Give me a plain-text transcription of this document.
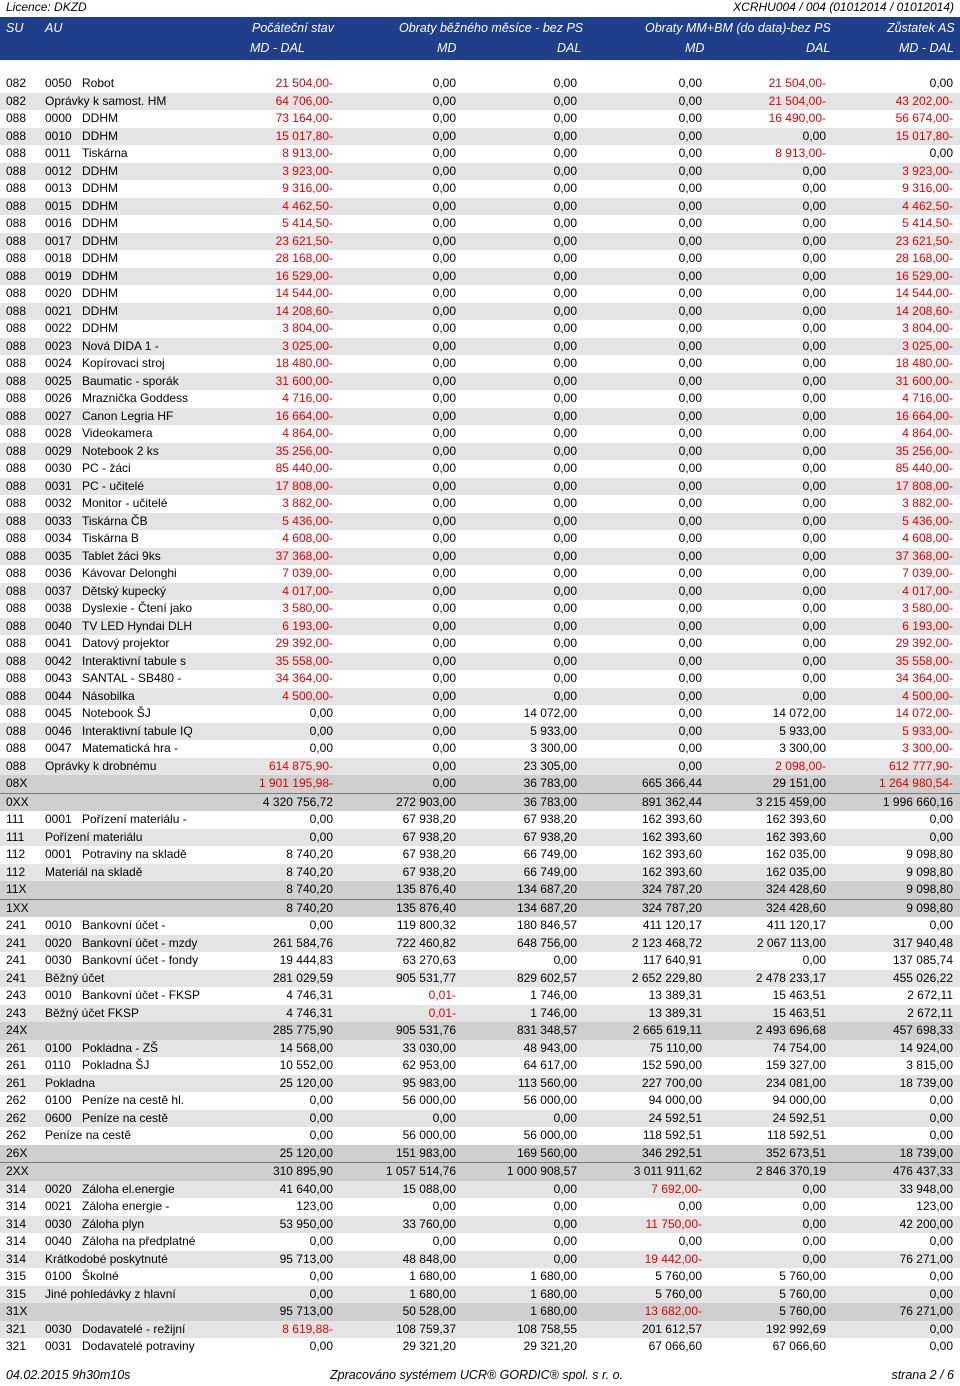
Licence: DKZD	XCRHU004 / 004 (01012014 / 01012014)
SU AU	Počáteční stav	Obraty běžného měsíce - bez PS	Obraty MM+BM (do data)-bez PS	Zůstatek AS
MD - DAL	MD	DAL	MD	DAL	MD - DAL
082 0050 Robot	21 504,00-	0,00	0,00	0,00	21 504,00-	0,00
082 Oprávky k samost. HM	64 706,00-	0,00	0,00	0,00	21 504,00-	43 202,00-
088 0000 DDHM	73 164,00-	0,00	0,00	0,00	16 490,00-	56 674,00-
088 0010 DDHM	15 017,80-	0,00	0,00	0,00	0,00	15 017,80-
088 0011 Tiskárna	8 913,00-	0,00	0,00	0,00	8 913,00-	0,00
088 0012 DDHM	3 923,00-	0,00	0,00	0,00	0,00	3 923,00-
088 0013 DDHM	9 316,00-	0,00	0,00	0,00	0,00	9 316,00-
088 0015 DDHM	4 462,50-	0,00	0,00	0,00	0,00	4 462,50-
088 0016 DDHM	5 414,50-	0,00	0,00	0,00	0,00	5 414,50-
088 0017 DDHM	23 621,50-	0,00	0,00	0,00	0,00	23 621,50-
088 0018 DDHM	28 168,00-	0,00	0,00	0,00	0,00	28 168,00-
088 0019 DDHM	16 529,00-	0,00	0,00	0,00	0,00	16 529,00-
088 0020 DDHM	14 544,00-	0,00	0,00	0,00	0,00	14 544,00-
088 0021 DDHM	14 208,60-	0,00	0,00	0,00	0,00	14 208,60-
088 0022 DDHM	3 804,00-	0,00	0,00	0,00	0,00	3 804,00-
088 0023 Nová DIDA 1 -	3 025,00-	0,00	0,00	0,00	0,00	3 025,00-
088 0024 Kopírovaci stroj	18 480,00-	0,00	0,00	0,00	0,00	18 480,00-
088 0025 Baumatic - sporák	31 600,00-	0,00	0,00	0,00	0,00	31 600,00-
088 0026 Mraznička Goddess	4 716,00-	0,00	0,00	0,00	0,00	4 716,00-
088 0027 Canon Legria HF	16 664,00-	0,00	0,00	0,00	0,00	16 664,00-
088 0028 Videokamera	4 864,00-	0,00	0,00	0,00	0,00	4 864,00-
088 0029 Notebook 2 ks	35 256,00-	0,00	0,00	0,00	0,00	35 256,00-
088 0030 PC - žáci	85 440,00-	0,00	0,00	0,00	0,00	85 440,00-
088 0031 PC - učitelé	17 808,00-	0,00	0,00	0,00	0,00	17 808,00-
088 0032 Monitor - učitelé	3 882,00-	0,00	0,00	0,00	0,00	3 882,00-
088 0033 Tiskárna ČB	5 436,00-	0,00	0,00	0,00	0,00	5 436,00-
088 0034 Tiskárna B	4 608,00-	0,00	0,00	0,00	0,00	4 608,00-
088 0035 Tablet žáci 9ks	37 368,00-	0,00	0,00	0,00	0,00	37 368,00-
088 0036 Kávovar Delonghi	7 039,00-	0,00	0,00	0,00	0,00	7 039,00-
088 0037 Dětský kupecký	4 017,00-	0,00	0,00	0,00	0,00	4 017,00-
088 0038 Dyslexie - Čtení jako	3 580,00-	0,00	0,00	0,00	0,00	3 580,00-
088 0040 TV LED Hyndai DLH	6 193,00-	0,00	0,00	0,00	0,00	6 193,00-
088 0041 Datový projektor	29 392,00-	0,00	0,00	0,00	0,00	29 392,00-
088 0042 Interaktivní tabule s	35 558,00-	0,00	0,00	0,00	0,00	35 558,00-
088 0043 SANTAL - SB480 -	34 364,00-	0,00	0,00	0,00	0,00	34 364,00-
088 0044 Násobilka	4 500,00-	0,00	0,00	0,00	0,00	4 500,00-
088 0045 Notebook ŠJ	0,00	0,00	14 072,00	0,00	14 072,00	14 072,00-
088 0046 Interaktivní tabule IQ	0,00	0,00	5 933,00	0,00	5 933,00	5 933,00-
088 0047 Matematická hra -	0,00	0,00	3 300,00	0,00	3 300,00	3 300,00-
088 Oprávky k drobnému	614 875,90-	0,00	23 305,00	0,00	2 098,00-	612 777,90-
08X	1 901 195,98-	0,00	36 783,00	665 366,44	29 151,00	1 264 980,54-
0XX	4 320 756,72	272 903,00	36 783,00	891 362,44	3 215 459,00	1 996 660,16
111 0001 Pořízení materiálu -	0,00	67 938,20	67 938,20	162 393,60	162 393,60	0,00
111 Pořízení materiálu	0,00	67 938,20	67 938,20	162 393,60	162 393,60	0,00
112 0001 Potraviny na skladě	8 740,20	67 938,20	66 749,00	162 393,60	162 035,00	9 098,80
112 Materiál na skladě	8 740,20	67 938,20	66 749,00	162 393,60	162 035,00	9 098,80
11X	8 740,20	135 876,40	134 687,20	324 787,20	324 428,60	9 098,80
1XX	8 740,20	135 876,40	134 687,20	324 787,20	324 428,60	9 098,80
241 0010 Bankovní účet -	0,00	119 800,32	180 846,57	411 120,17	411 120,17	0,00
241 0020 Bankovní účet - mzdy	261 584,76	722 460,82	648 756,00	2 123 468,72	2 067 113,00	317 940,48
241 0030 Bankovní účet - fondy	19 444,83	63 270,63	0,00	117 640,91	0,00	137 085,74
241 Běžný účet	281 029,59	905 531,77	829 602,57	2 652 229,80	2 478 233,17	455 026,22
243 0010 Bankovní účet - FKSP	4 746,31	0,01-	1 746,00	13 389,31	15 463,51	2 672,11
243 Běžný účet FKSP	4 746,31	0,01-	1 746,00	13 389,31	15 463,51	2 672,11
24X	285 775,90	905 531,76	831 348,57	2 665 619,11	2 493 696,68	457 698,33
261 0100 Pokladna - ZŠ	14 568,00	33 030,00	48 943,00	75 110,00	74 754,00	14 924,00
261 0110 Pokladna ŠJ	10 552,00	62 953,00	64 617,00	152 590,00	159 327,00	3 815,00
261 Pokladna	25 120,00	95 983,00	113 560,00	227 700,00	234 081,00	18 739,00
262 0100 Peníze na cestě hl.	0,00	56 000,00	56 000,00	94 000,00	94 000,00	0,00
262 0600 Peníze na cestě	0,00	0,00	0,00	24 592,51	24 592,51	0,00
262 Peníze na cestě	0,00	56 000,00	56 000,00	118 592,51	118 592,51	0,00
26X	25 120,00	151 983,00	169 560,00	346 292,51	352 673,51	18 739,00
2XX	310 895,90	1 057 514,76	1 000 908,57	3 011 911,62	2 846 370,19	476 437,33
314 0020 Záloha el.energie	41 640,00	15 088,00	0,00	7 692,00-	0,00	33 948,00
314 0021 Záloha energie -	123,00	0,00	0,00	0,00	0,00	123,00
314 0030 Záloha plyn	53 950,00	33 760,00	0,00	11 750,00-	0,00	42 200,00
314 0040 Záloha na předplatné	0,00	0,00	0,00	0,00	0,00	0,00
314 Krátkodobé poskytnuté	95 713,00	48 848,00	0,00	19 442,00-	0,00	76 271,00
315 0100 Školné	0,00	1 680,00	1 680,00	5 760,00	5 760,00	0,00
315 Jiné pohledávky z hlavní	0,00	1 680,00	1 680,00	5 760,00	5 760,00	0,00
31X	95 713,00	50 528,00	1 680,00	13 682,00-	5 760,00	76 271,00
321 0030 Dodavatelé - režijní	8 619,88-	108 759,37	108 758,55	201 612,57	192 992,69	0,00
321 0031 Dodavatelé potraviny	0,00	29 321,20	29 321,20	67 066,60	67 066,60	0,00
04.02.2015 9h30m10s	Zpracováno systémem UCR® GORDIC® spol. s r. o.	strana 2 / 6
